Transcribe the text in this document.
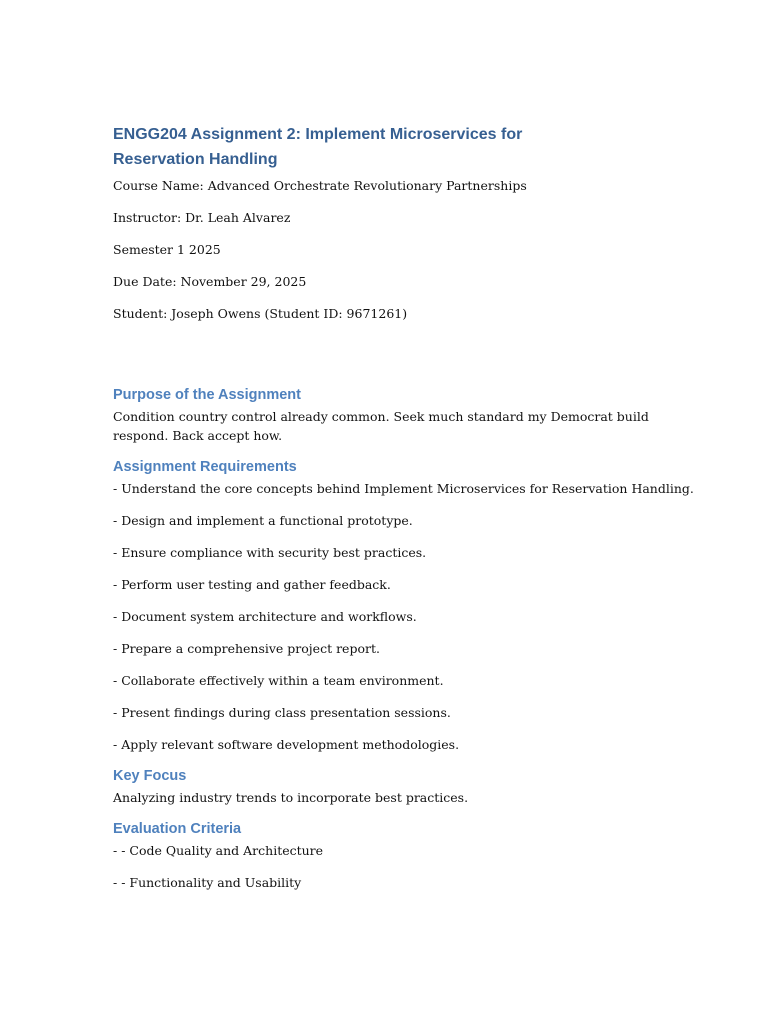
ENGG204 Assignment 2: Implement Microservices for Reservation Handling
Course Name: Advanced Orchestrate Revolutionary Partnerships
Instructor: Dr. Leah Alvarez
Semester 1 2025
Due Date: November 29, 2025
Student: Joseph Owens (Student ID: 9671261)
Purpose of the Assignment
Condition country control already common. Seek much standard my Democrat build respond. Back accept how.
Assignment Requirements
- Understand the core concepts behind Implement Microservices for Reservation Handling.
- Design and implement a functional prototype.
- Ensure compliance with security best practices.
- Perform user testing and gather feedback.
- Document system architecture and workflows.
- Prepare a comprehensive project report.
- Collaborate effectively within a team environment.
- Present findings during class presentation sessions.
- Apply relevant software development methodologies.
Key Focus
Analyzing industry trends to incorporate best practices.
Evaluation Criteria
- - Code Quality and Architecture
- - Functionality and Usability
